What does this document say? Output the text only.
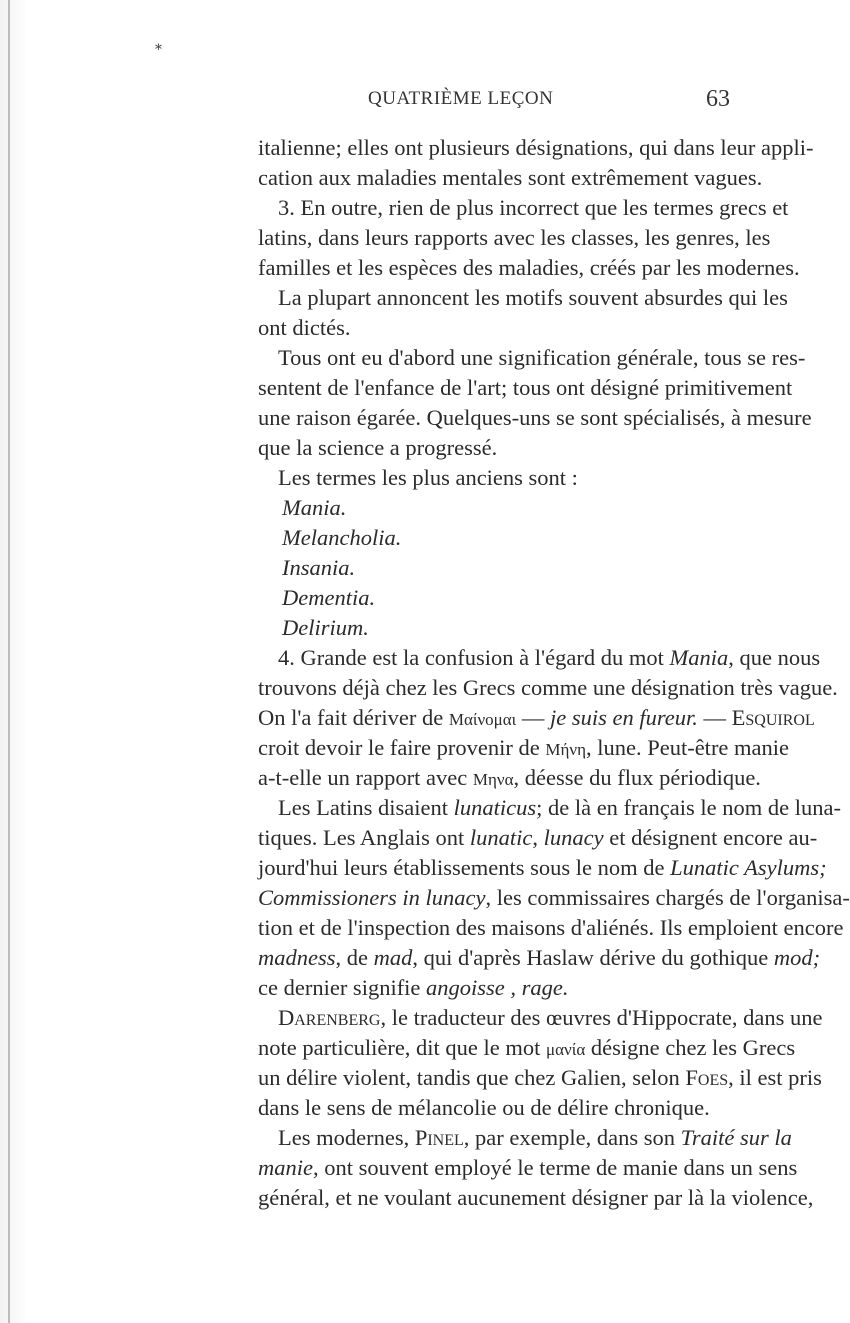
*
QUATRIÈME LEÇON	63
italienne; elles ont plusieurs désignations, qui dans leur appli-
cation aux maladies mentales sont extrêmement vagues.
3. En outre, rien de plus incorrect que les termes grecs et
latins, dans leurs rapports avec les classes, les genres, les
familles et les espèces des maladies, créés par les modernes.
La plupart annoncent les motifs souvent absurdes qui les
ont dictés.
Tous ont eu d'abord une signification générale, tous se res-
sentent de l'enfance de l'art; tous ont désigné primitivement
une raison égarée. Quelques-uns se sont spécialisés, à mesure
que la science a progressé.
Les termes les plus anciens sont :
Mania.
Melancholia.
Insania.
Dementia.
Delirium.
4. Grande est la confusion à l'égard du mot Mania, que nous
trouvons déjà chez les Grecs comme une désignation très vague.
On l'a fait dériver de Μαίνομαι — je suis en fureur. — Esquirol
croit devoir le faire provenir de Μήνη, lune. Peut-être manie
a-t-elle un rapport avec Μηνα, déesse du flux périodique.
Les Latins disaient lunaticus; de là en français le nom de luna-
tiques. Les Anglais ont lunatic, lunacy et désignent encore au-
jourd'hui leurs établissements sous le nom de Lunatic Asylums;
Commissioners in lunacy, les commissaires chargés de l'organisa-
tion et de l'inspection des maisons d'aliénés. Ils emploient encore
madness, de mad, qui d'après Haslaw dérive du gothique mod;
ce dernier signifie angoisse , rage.
Darenberg, le traducteur des œuvres d'Hippocrate, dans une
note particulière, dit que le mot μανία désigne chez les Grecs
un délire violent, tandis que chez Galien, selon Foes, il est pris
dans le sens de mélancolie ou de délire chronique.
Les modernes, Pinel, par exemple, dans son Traité sur la
manie, ont souvent employé le terme de manie dans un sens
général, et ne voulant aucunement désigner par là la violence,
